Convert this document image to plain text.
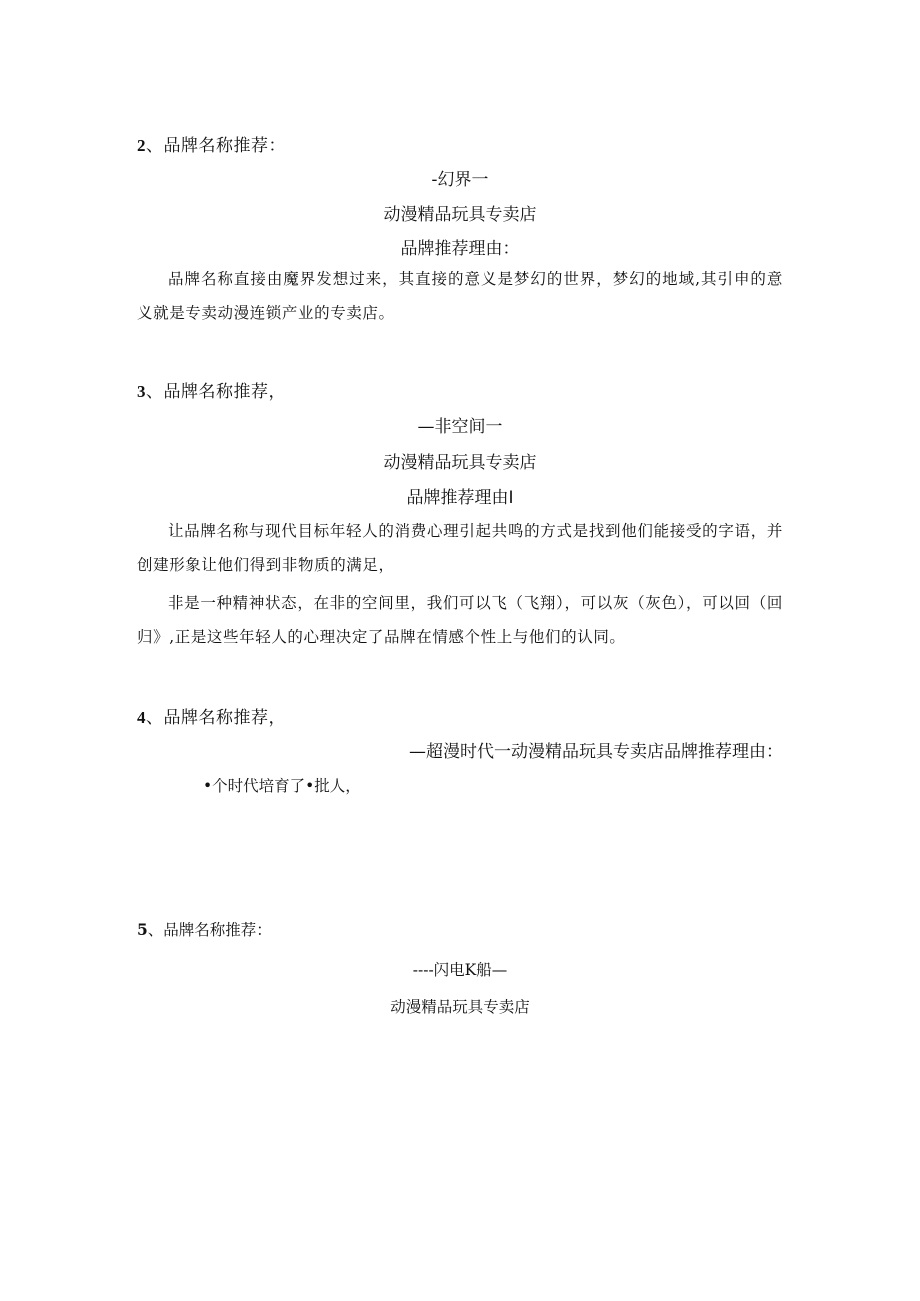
2、品牌名称推荐：
-幻界一
动漫精品玩具专卖店
品牌推荐理由：
品牌名称直接由魔界发想过来，其直接的意义是梦幻的世界，梦幻的地域,其引申的意义就是专卖动漫连锁产业的专卖店。
3、品牌名称推荐，
—非空间一
动漫精品玩具专卖店
品牌推荐理由I
让品牌名称与现代目标年轻人的消费心理引起共鸣的方式是找到他们能接受的字语，并创建形象让他们得到非物质的满足，
非是一种精神状态，在非的空间里，我们可以飞（飞翔），可以灰（灰色），可以回（回归》,正是这些年轻人的心理决定了品牌在情感个性上与他们的认同。
4、品牌名称推荐，
—超漫时代一动漫精品玩具专卖店品牌推荐理由：
•个时代培育了•批人，
5、品牌名称推荐：
----闪电K船—
动漫精品玩具专卖店
